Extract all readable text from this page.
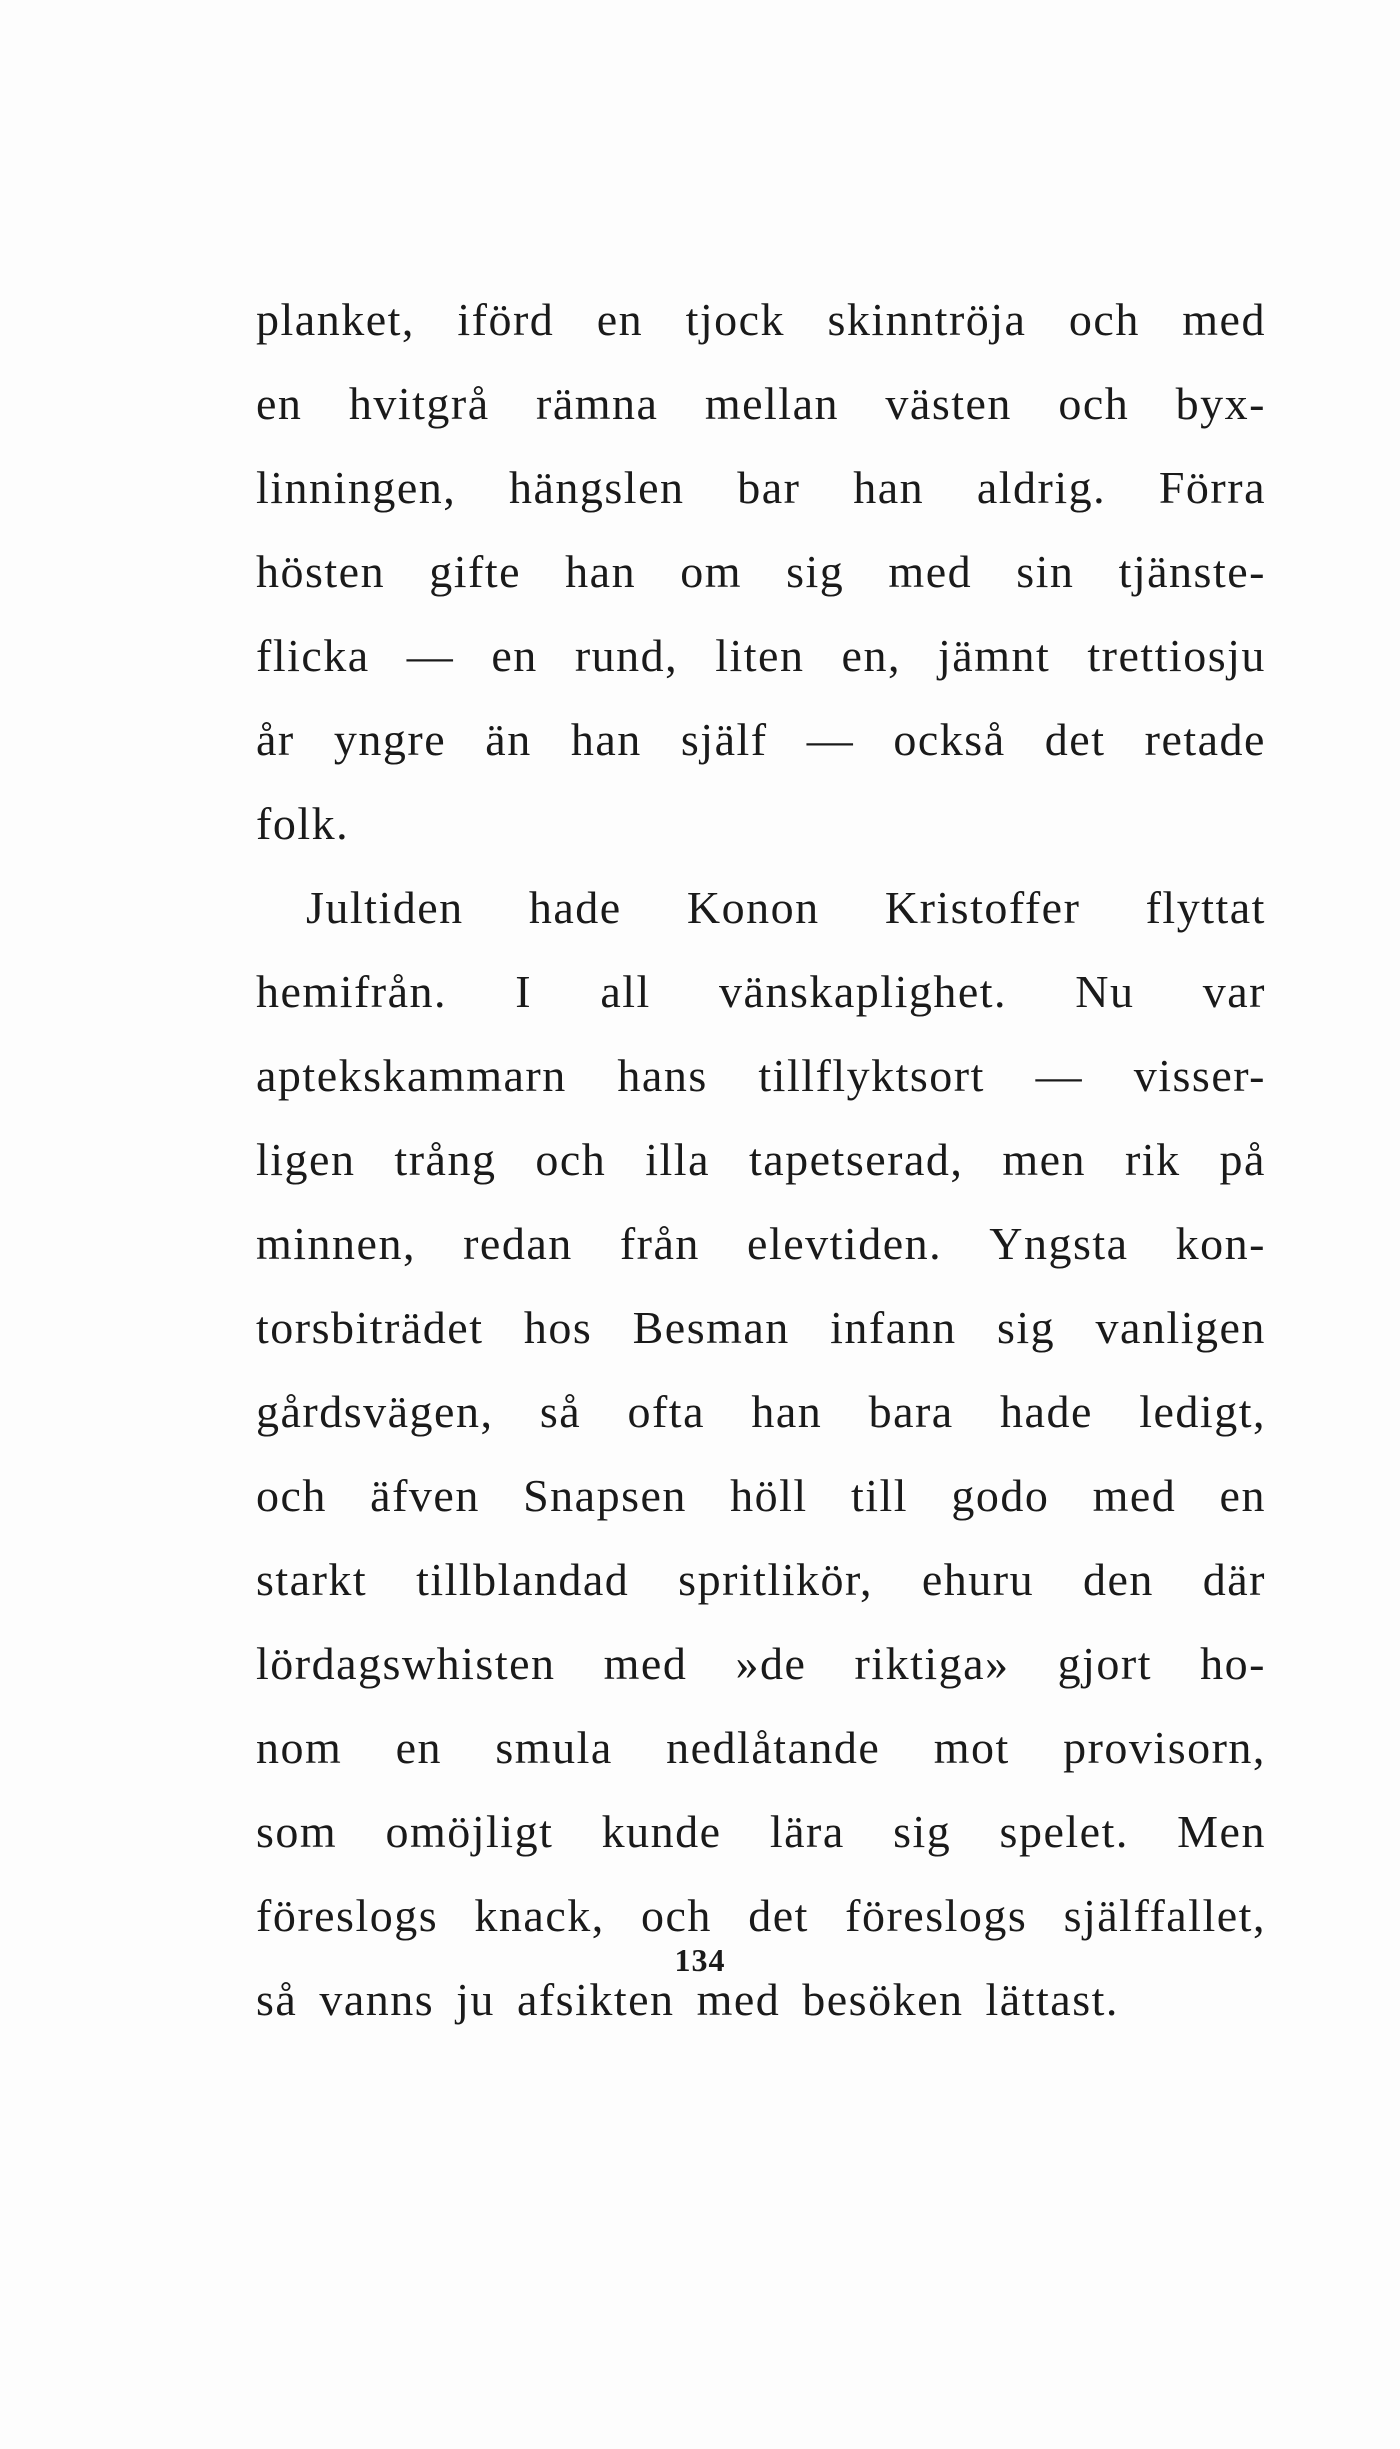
planket, iförd en tjock skinntröja och med
en hvitgrå rämna mellan västen och byx-
linningen, hängslen bar han aldrig. Förra
hösten gifte han om sig med sin tjänste-
flicka — en rund, liten en, jämnt trettiosju
år yngre än han själf — också det retade
folk.
Jultiden hade Konon Kristoffer flyttat
hemifrån. I all vänskaplighet. Nu var
aptekskammarn hans tillflyktsort — visser-
ligen trång och illa tapetserad, men rik på
minnen, redan från elevtiden. Yngsta kon-
torsbiträdet hos Besman infann sig vanligen
gårdsvägen, så ofta han bara hade ledigt,
och äfven Snapsen höll till godo med en
starkt tillblandad spritlikör, ehuru den där
lördagswhisten med »de riktiga» gjort ho-
nom en smula nedlåtande mot provisorn,
som omöjligt kunde lära sig spelet. Men
föreslogs knack, och det föreslogs själffallet,
så vanns ju afsikten med besöken lättast.
134
